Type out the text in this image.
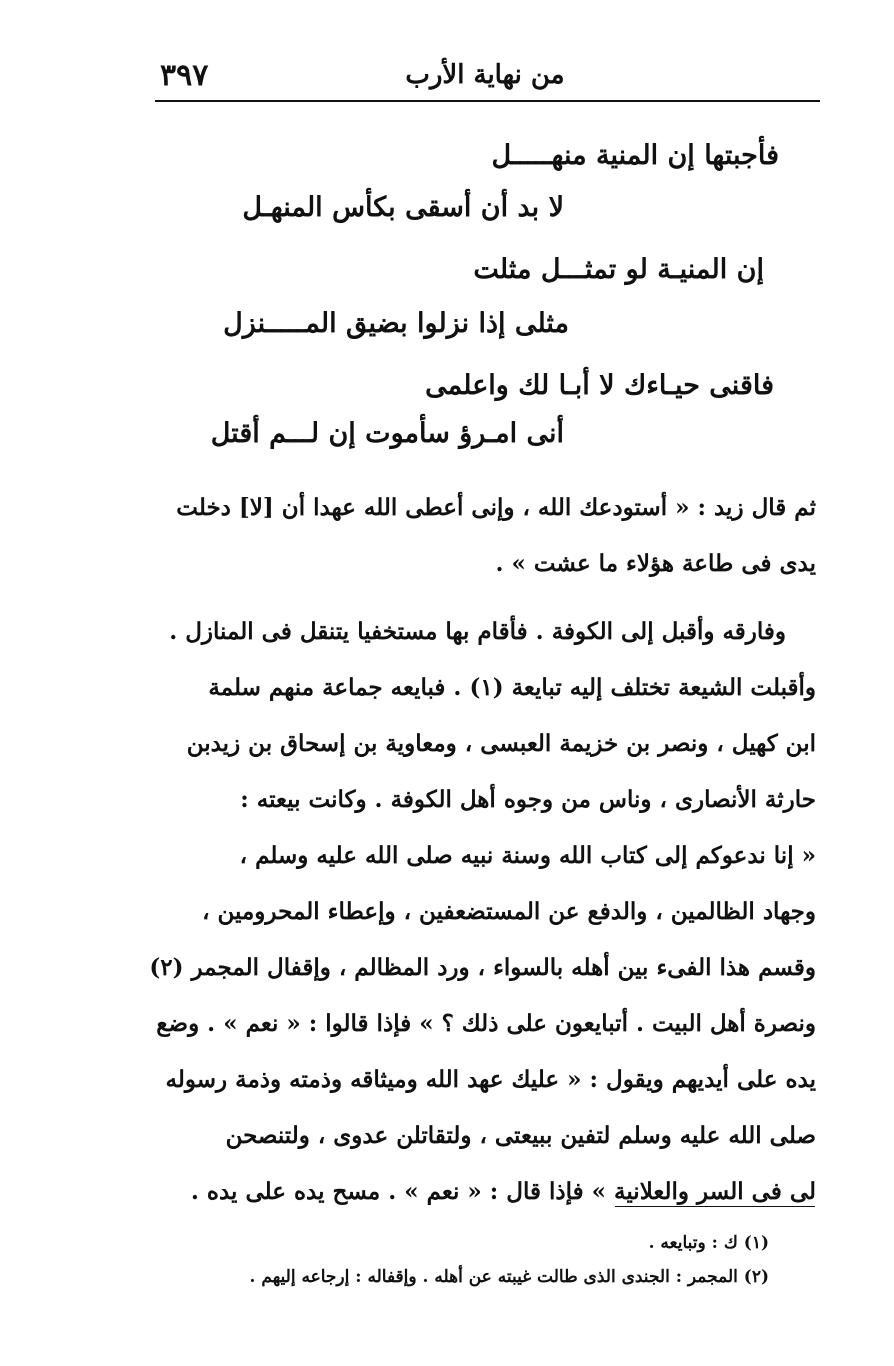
٣٩٧	من نهاية الأرب
فأجبتها إن المنية منهـــــل
لا بد أن أسقى بكأس المنهـل
إن المنيـة لو تمثـــل مثلت
مثلى إذا نزلوا بضيق المـــــنزل
فاقنى حيـاءك لا أبـا لك واعلمى
أنى امـرؤ سأموت إن لـــم أقتل
ثم قال زيد : « أستودعك الله ، وإنى أعطى الله عهدا أن [لا] دخلت
يدى فى طاعة هؤلاء ما عشت » .
وفارقه وأقبل إلى الكوفة . فأقام بها مستخفيا يتنقل فى المنازل .
وأقبلت الشيعة تختلف إليه تبايعة (١) . فبايعه جماعة منهم سلمة
ابن كهيل ، ونصر بن خزيمة العبسى ، ومعاوية بن إسحاق بن زيدبن
حارثة الأنصارى ، وناس من وجوه أهل الكوفة . وكانت بيعته :
« إنا ندعوكم إلى كتاب الله وسنة نبيه صلى الله عليه وسلم ،
وجهاد الظالمين ، والدفع عن المستضعفين ، وإعطاء المحرومين ،
وقسم هذا الفىء بين أهله بالسواء ، ورد المظالم ، وإقفال المجمر (٢)
ونصرة أهل البيت . أتبايعون على ذلك ؟ » فإذا قالوا : « نعم » . وضع
يده على أيديهم ويقول : « عليك عهد الله وميثاقه وذمته وذمة رسوله
صلى الله عليه وسلم لتفين ببيعتى ، ولتقاتلن عدوى ، ولتنصحن
لى فى السر والعلانية » فإذا قال : « نعم » . مسح يده على يده .
(١) ك : وتبايعه .
(٢) المجمر : الجندى الذى طالت غيبته عن أهله . وإقفاله : إرجاعه إليهم .
